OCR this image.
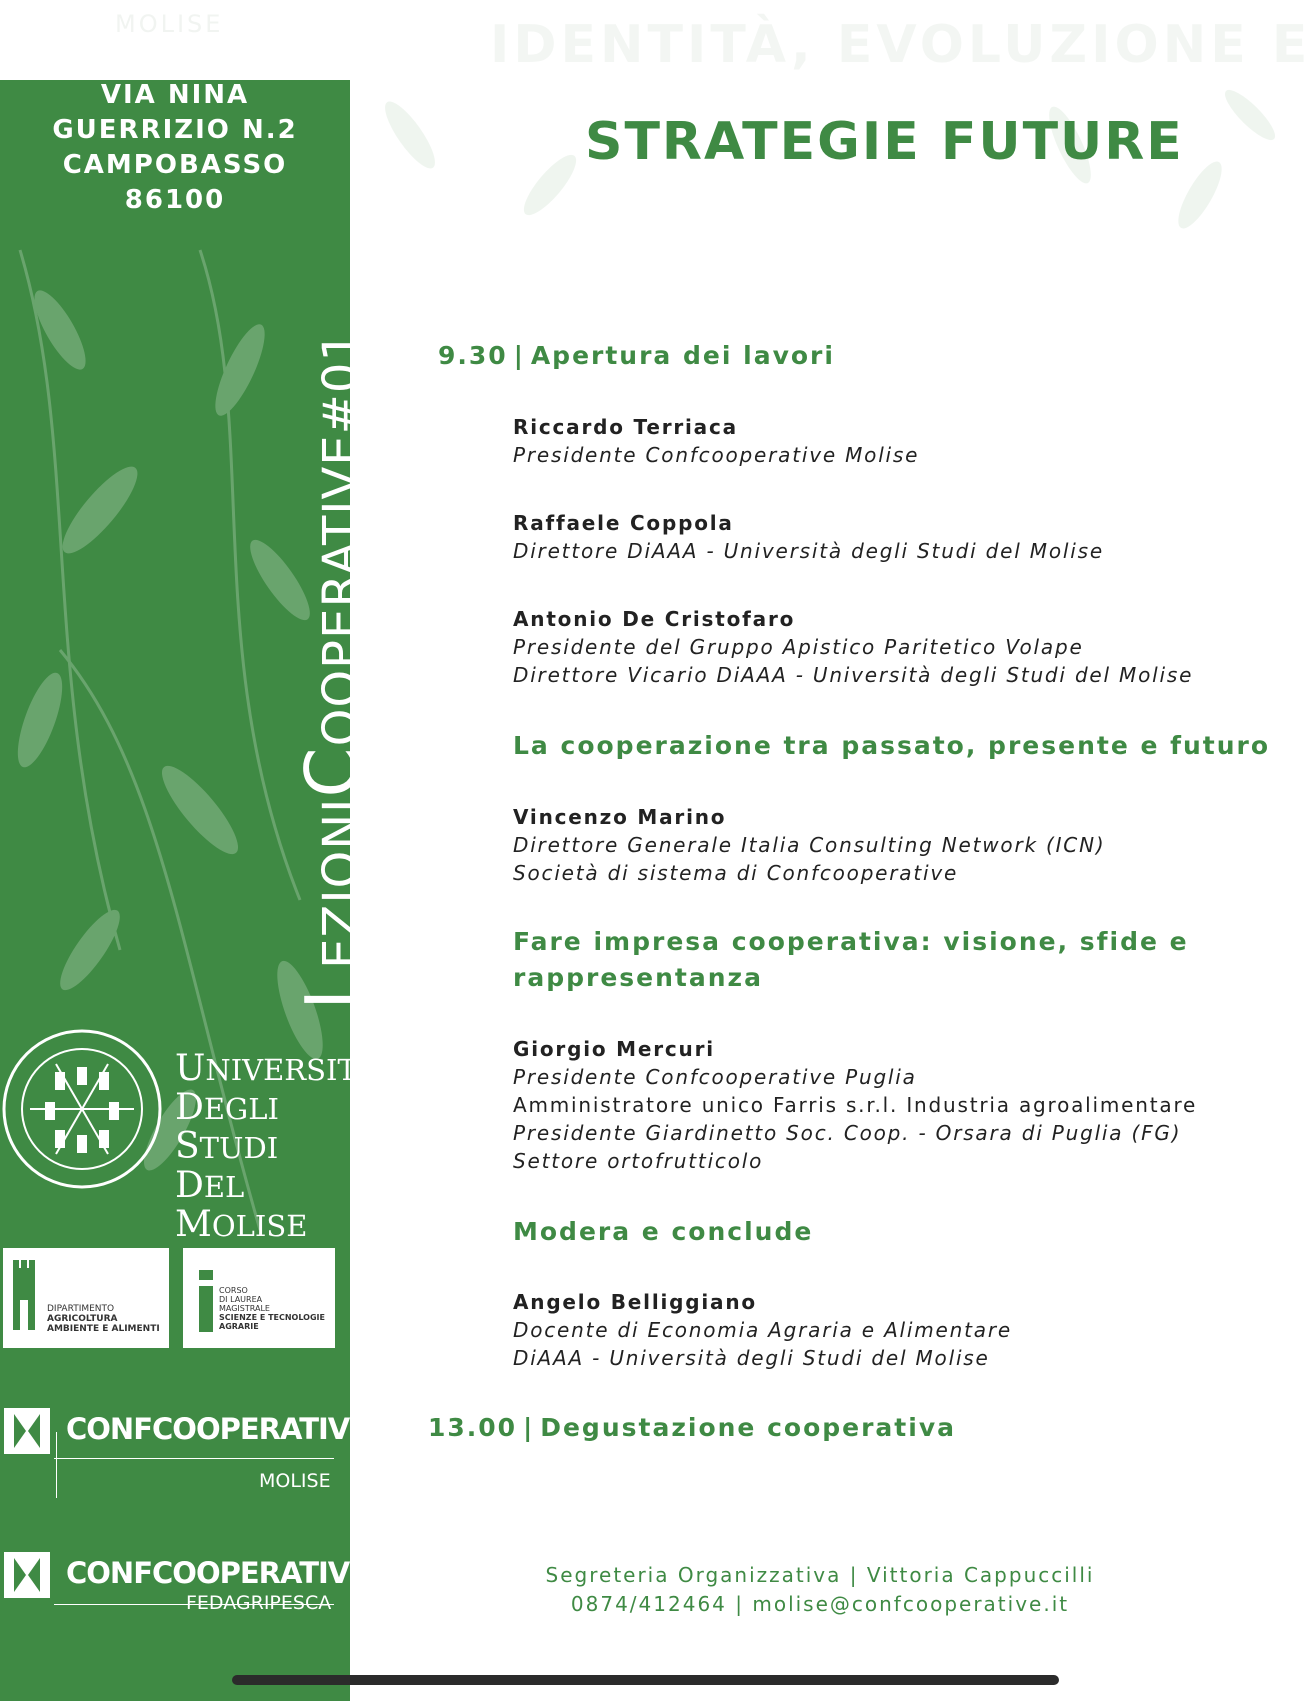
MOLISE
VIA NINA
GUERRIZIO N.2
CAMPOBASSO
86100
LEZIONICOOPERATIVE#01
UNIVERSITÀ
DEGLI STUDI
DEL MOLISE
DIPARTIMENTO
AGRICOLTURA
AMBIENTE E ALIMENTI
CORSO
DI LAUREA
MAGISTRALE
SCIENZE E TECNOLOGIE
AGRARIE
CONFCOOPERATIVE
MOLISE
CONFCOOPERATIVE
FEDAGRIPESCA
IDENTITÀ, EVOLUZIONE E
STRATEGIE FUTURE
9.30 | Apertura dei lavori
Riccardo Terriaca
Presidente Confcooperative Molise
Raffaele Coppola
Direttore DiAAA - Università degli Studi del Molise
Antonio De Cristofaro
Presidente del Gruppo Apistico Paritetico Volape
Direttore Vicario DiAAA - Università degli Studi del Molise
La cooperazione tra passato, presente e futuro
Vincenzo Marino
Direttore Generale Italia Consulting Network (ICN)
Società di sistema di Confcooperative
Fare impresa cooperativa: visione, sfide e
rappresentanza
Giorgio Mercuri
Presidente Confcooperative Puglia
Amministratore unico Farris s.r.l. Industria agroalimentare
Presidente Giardinetto Soc. Coop. - Orsara di Puglia (FG)
Settore ortofrutticolo
Modera e conclude
Angelo Belliggiano
Docente di Economia Agraria e Alimentare
DiAAA - Università degli Studi del Molise
13.00 | Degustazione cooperativa
Segreteria Organizzativa | Vittoria Cappuccilli
0874/412464 | molise@confcooperative.it
